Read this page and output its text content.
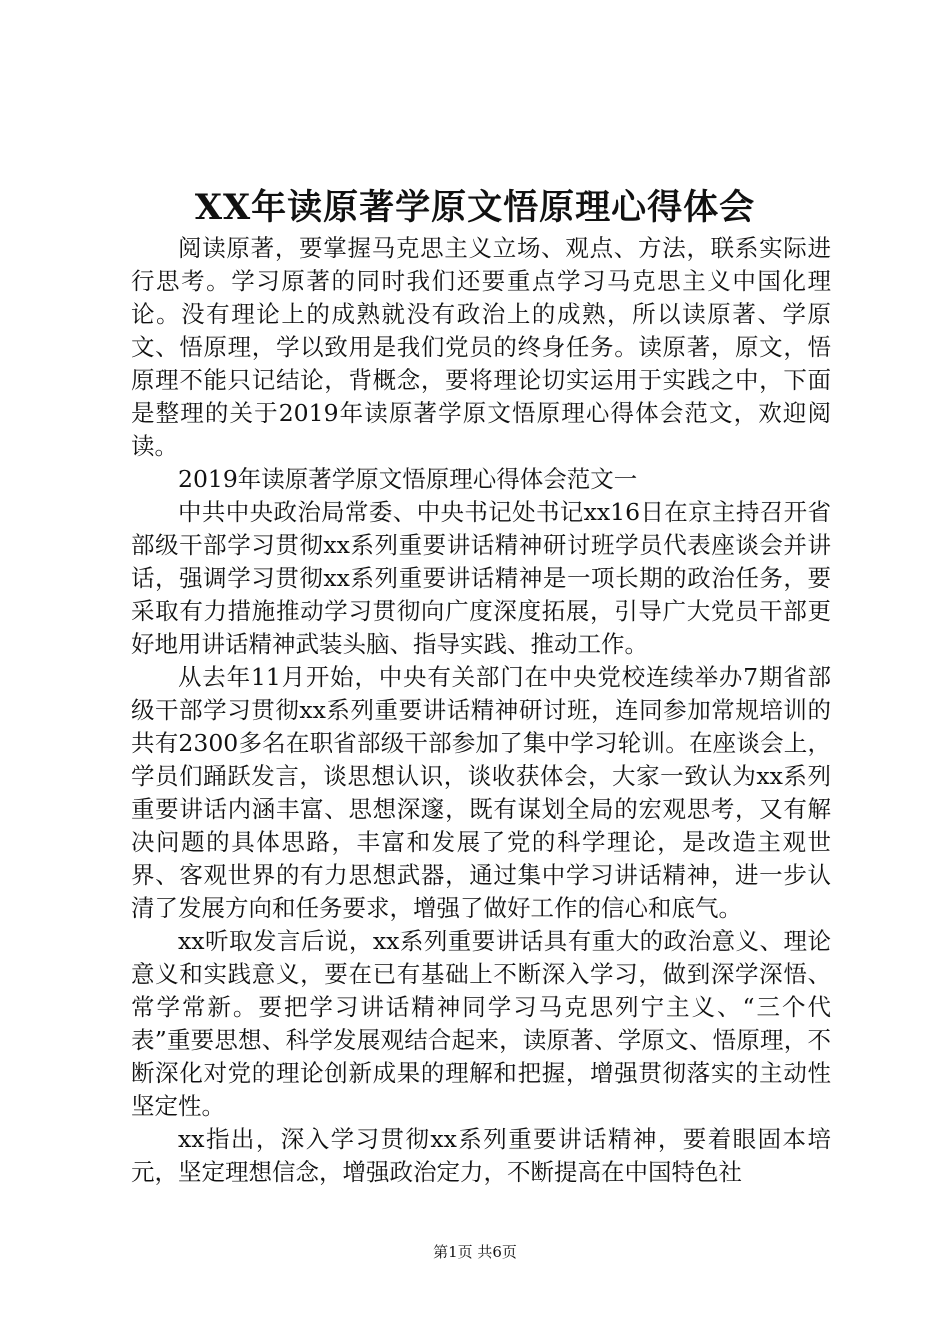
XX年读原著学原文悟原理心得体会

阅读原著，要掌握马克思主义立场、观点、方法，联系实际进行思考。学习原著的同时我们还要重点学习马克思主义中国化理论。没有理论上的成熟就没有政治上的成熟，所以读原著、学原文、悟原理，学以致用是我们党员的终身任务。读原著，原文，悟原理不能只记结论，背概念，要将理论切实运用于实践之中，下面是整理的关于2019年读原著学原文悟原理心得体会范文，欢迎阅读。

2019年读原著学原文悟原理心得体会范文一

中共中央政治局常委、中央书记处书记xx16日在京主持召开省部级干部学习贯彻xx系列重要讲话精神研讨班学员代表座谈会并讲话，强调学习贯彻xx系列重要讲话精神是一项长期的政治任务，要采取有力措施推动学习贯彻向广度深度拓展，引导广大党员干部更好地用讲话精神武装头脑、指导实践、推动工作。

从去年11月开始，中央有关部门在中央党校连续举办7期省部级干部学习贯彻xx系列重要讲话精神研讨班，连同参加常规培训的共有2300多名在职省部级干部参加了集中学习轮训。在座谈会上，学员们踊跃发言，谈思想认识，谈收获体会，大家一致认为xx系列重要讲话内涵丰富、思想深邃，既有谋划全局的宏观思考，又有解决问题的具体思路，丰富和发展了党的科学理论，是改造主观世界、客观世界的有力思想武器，通过集中学习讲话精神，进一步认清了发展方向和任务要求，增强了做好工作的信心和底气。

xx听取发言后说，xx系列重要讲话具有重大的政治意义、理论意义和实践意义，要在已有基础上不断深入学习，做到深学深悟、常学常新。要把学习讲话精神同学习马克思列宁主义、“三个代表”重要思想、科学发展观结合起来，读原著、学原文、悟原理，不断深化对党的理论创新成果的理解和把握，增强贯彻落实的主动性坚定性。

xx指出，深入学习贯彻xx系列重要讲话精神，要着眼固本培元，坚定理想信念，增强政治定力，不断提高在中国特色社

第1页 共6页
